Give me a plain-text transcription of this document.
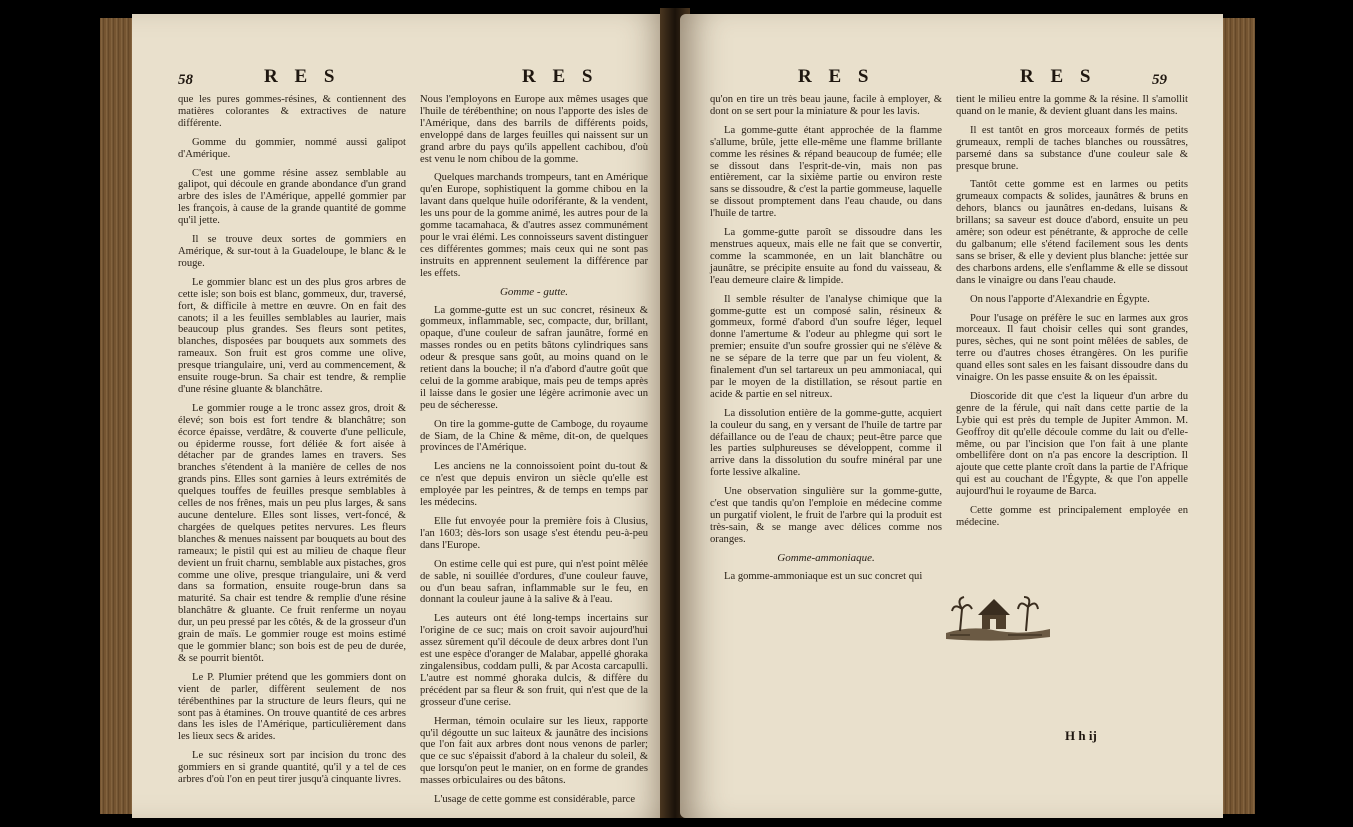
58	R E S	R E S

que les pures gommes-résines, & contiennent des matières colorantes & extractives de nature différente.

Gomme du gommier, nommé aussi galipot d'Amérique.

C'est une gomme résine assez semblable au galipot, qui découle en grande abondance d'un grand arbre des isles de l'Amérique, appellé gommier par les françois, à cause de la grande quantité de gomme qu'il jette.

Il se trouve deux sortes de gommiers en Amérique, & sur-tout à la Guadeloupe, le blanc & le rouge.

Le gommier blanc est un des plus gros arbres de cette isle; son bois est blanc, gommeux, dur, traversé, fort, & difficile à mettre en œuvre. On en fait des canots; il a les feuilles semblables au laurier, mais beaucoup plus grandes. Ses fleurs sont petites, blanches, disposées par bouquets aux sommets des rameaux. Son fruit est gros comme une olive, presque triangulaire, uni, verd au commencement, & ensuite rouge-brun. Sa chair est tendre, & remplie d'une résine gluante & blanchâtre.

Le gommier rouge a le tronc assez gros, droit & élevé; son bois est fort tendre & blanchâtre; son écorce épaisse, verdâtre, & couverte d'une pellicule, ou épiderme rousse, fort déliée & fort aisée à détacher par de grandes lames en travers. Ses branches s'étendent à la manière de celles de nos grands pins. Elles sont garnies à leurs extrémités de quelques touffes de feuilles presque semblables à celles de nos frênes, mais un peu plus larges, & sans aucune dentelure. Elles sont lisses, vert-foncé, & chargées de quelques petites nervures. Les fleurs blanches & menues naissent par bouquets au bout des rameaux; le pistil qui est au milieu de chaque fleur devient un fruit charnu, semblable aux pistaches, gros comme une olive, presque triangulaire, uni & verd dans sa formation, ensuite rouge-brun dans sa maturité. Sa chair est tendre & remplie d'une résine blanchâtre & gluante. Ce fruit renferme un noyau dur, un peu pressé par les côtés, & de la grosseur d'un grain de maïs. Le gommier rouge est moins estimé que le gommier blanc; son bois est de peu de durée, & se pourrit bientôt.

Le P. Plumier prétend que les gommiers dont on vient de parler, diffèrent seulement de nos térébenthines par la structure de leurs fleurs, qui ne sont pas à étamines. On trouve quantité de ces arbres dans les isles de l'Amérique, particulièrement dans les lieux secs & arides.

Le suc résineux sort par incision du tronc des gommiers en si grande quantité, qu'il y a tel de ces arbres d'où l'on en peut tirer jusqu'à cinquante livres.

Nous l'employons en Europe aux mêmes usages que l'huile de térébenthine; on nous l'apporte des isles de l'Amérique, dans des barrils de différents poids, enveloppé dans de larges feuilles qui naissent sur un grand arbre du pays qu'ils appellent cachibou, d'où est venu le nom chibou de la gomme.

Quelques marchands trompeurs, tant en Amérique qu'en Europe, sophistiquent la gomme chibou en la lavant dans quelque huile odoriférante, & la vendent, les uns pour de la gomme animé, les autres pour de la gomme tacamahaca, & d'autres assez communément pour le vrai élémi. Les connoisseurs savent distinguer ces différentes gommes; mais ceux qui ne sont pas instruits en apprennent seulement la différence par les effets.

Gomme - gutte.

La gomme-gutte est un suc concret, résineux & gommeux, inflammable, sec, compacte, dur, brillant, opaque, d'une couleur de safran jaunâtre, formé en masses rondes ou en petits bâtons cylindriques sans odeur & presque sans goût, au moins quand on le retient dans la bouche; il n'a d'abord d'autre goût que celui de la gomme arabique, mais peu de temps après il laisse dans le gosier une légère acrimonie avec un peu de sécheresse.

On tire la gomme-gutte de Camboge, du royaume de Siam, de la Chine & même, dit-on, de quelques provinces de l'Amérique.

Les anciens ne la connoissoient point du-tout & ce n'est que depuis environ un siècle qu'elle est employée par les peintres, & de temps en temps par les médecins.

Elle fut envoyée pour la première fois à Clusius, l'an 1603; dès-lors son usage s'est étendu peu-à-peu dans l'Europe.

On estime celle qui est pure, qui n'est point mêlée de sable, ni souillée d'ordures, d'une couleur fauve, ou d'un beau safran, inflammable sur le feu, en donnant la couleur jaune à la salive & à l'eau.

Les auteurs ont été long-temps incertains sur l'origine de ce suc; mais on croit savoir aujourd'hui assez sûrement qu'il découle de deux arbres dont l'un est une espèce d'oranger de Malabar, appellé ghoraka zingalensibus, coddam pulli, & par Acosta carcapulli. L'autre est nommé ghoraka dulcis, & diffère du précédent par sa fleur & son fruit, qui n'est que de la grosseur d'une cerise.

Herman, témoin oculaire sur les lieux, rapporte qu'il dégoutte un suc laiteux & jaunâtre des incisions que l'on fait aux arbres dont nous venons de parler; que ce suc s'épaissit d'abord à la chaleur du soleil, & que lorsqu'on peut le manier, on en forme de grandes masses orbiculaires ou des bâtons.

L'usage de cette gomme est considérable, parce

R E S	R E S	59

qu'on en tire un très beau jaune, facile à employer, & dont on se sert pour la miniature & pour les lavis.

La gomme-gutte étant approchée de la flamme s'allume, brûle, jette elle-même une flamme brillante comme les résines & répand beaucoup de fumée; elle se dissout dans l'esprit-de-vin, mais non pas entièrement, car la sixième partie ou environ reste sans se dissoudre, & c'est la partie gommeuse, laquelle se dissout promptement dans l'eau chaude, ou dans l'huile de tartre.

La gomme-gutte paroît se dissoudre dans les menstrues aqueux, mais elle ne fait que se convertir, comme la scammonée, en un lait blanchâtre ou jaunâtre, se précipite ensuite au fond du vaisseau, & l'eau demeure claire & limpide.

Il semble résulter de l'analyse chimique que la gomme-gutte est un composé salin, résineux & gommeux, formé d'abord d'un soufre léger, lequel donne l'amertume & l'odeur au phlegme qui sort le premier; ensuite d'un soufre grossier qui ne s'élève & ne se sépare de la terre que par un feu violent, & finalement d'un sel tartareux un peu ammoniacal, qui par le moyen de la distillation, se résout partie en acide & partie en sel nitreux.

La dissolution entière de la gomme-gutte, acquiert la couleur du sang, en y versant de l'huile de tartre par défaillance ou de l'eau de chaux; peut-être parce que les parties sulphureuses se développent, comme il arrive dans la dissolution du soufre minéral par une forte lessive alkaline.

Une observation singulière sur la gomme-gutte, c'est que tandis qu'on l'emploie en médecine comme un purgatif violent, le fruit de l'arbre qui la produit est très-sain, & se mange avec délices comme nos oranges.

Gomme-ammoniaque.

La gomme-ammoniaque est un suc concret qui

tient le milieu entre la gomme & la résine. Il s'amollit quand on le manie, & devient gluant dans les mains.

Il est tantôt en gros morceaux formés de petits grumeaux, rempli de taches blanches ou roussâtres, parsemé dans sa substance d'une couleur sale & presque brune.

Tantôt cette gomme est en larmes ou petits grumeaux compacts & solides, jaunâtres & bruns en dehors, blancs ou jaunâtres en-dedans, luisans & brillans; sa saveur est douce d'abord, ensuite un peu amère; son odeur est pénétrante, & approche de celle du galbanum; elle s'étend facilement sous les dents sans se briser, & elle y devient plus blanche: jettée sur des charbons ardens, elle s'enflamme & elle se dissout dans le vinaigre ou dans l'eau chaude.

On nous l'apporte d'Alexandrie en Égypte.

Pour l'usage on préfère le suc en larmes aux gros morceaux. Il faut choisir celles qui sont grandes, pures, sèches, qui ne sont point mêlées de sables, de terre ou d'autres choses étrangères. On les purifie quand elles sont sales en les faisant dissoudre dans du vinaigre. On les passe ensuite & on les épaissit.

Dioscoride dit que c'est la liqueur d'un arbre du genre de la férule, qui naît dans cette partie de la Lybie qui est près du temple de Jupiter Ammon. M. Geoffroy dit qu'elle découle comme du lait ou d'elle-même, ou par l'incision que l'on fait à une plante ombellifère dont on n'a pas encore la description. Il ajoute que cette plante croît dans la partie de l'Afrique qui est au couchant de l'Égypte, & que l'on appelle aujourd'hui le royaume de Barca.

Cette gomme est principalement employée en médecine.

H h ij
